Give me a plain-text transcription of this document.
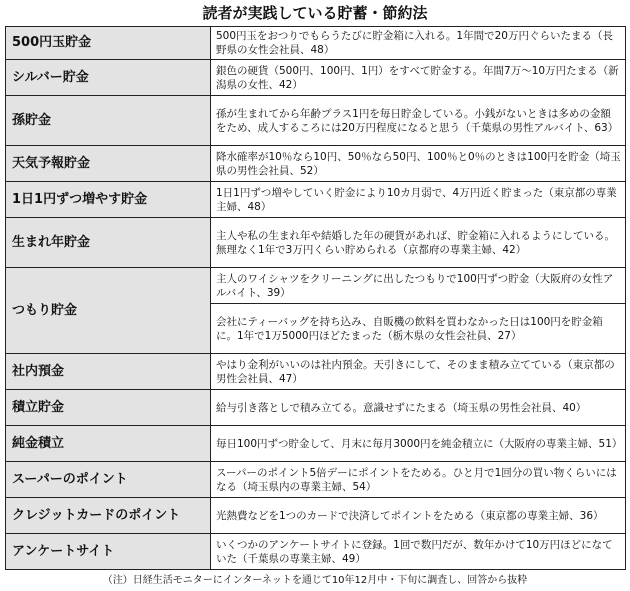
読者が実践している貯蓄・節約法
500円玉貯金	500円玉をおつりでもらうたびに貯金箱に入れる。1年間で20万円ぐらいたまる（長野県の女性会社員、48）
シルバー貯金	銀色の硬貨（500円、100円、1円）をすべて貯金する。年間7万～10万円たまる（新潟県の女性、42）
孫貯金	孫が生まれてから年齢プラス1円を毎日貯金している。小銭がないときは多めの金額をため、成人するころには20万円程度になると思う（千葉県の男性アルバイト、63）
天気予報貯金	降水確率が10％なら10円、50％なら50円、100％と0％のときは100円を貯金（埼玉県の男性会社員、52）
1日1円ずつ増やす貯金	1日1円ずつ増やしていく貯金により10カ月弱で、4万円近く貯まった（東京都の専業主婦、48）
生まれ年貯金	主人や私の生まれ年や結婚した年の硬貨があれば、貯金箱に入れるようにしている。無理なく1年で3万円くらい貯められる（京都府の専業主婦、42）
つもり貯金	主人のワイシャツをクリーニングに出したつもりで100円ずつ貯金（大阪府の女性アルバイト、39）
	会社にティーバッグを持ち込み、自販機の飲料を買わなかった日は100円を貯金箱に。1年で1万5000円ほどたまった（栃木県の女性会社員、27）
社内預金	やはり金利がいいのは社内預金。天引きにして、そのまま積み立てている（東京都の男性会社員、47）
積立貯金	給与引き落としで積み立てる。意識せずにたまる（埼玉県の男性会社員、40）
純金積立	毎日100円ずつ貯金して、月末に毎月3000円を純金積立に（大阪府の専業主婦、51）
スーパーのポイント	スーパーのポイント5倍デーにポイントをためる。ひと月で1回分の買い物くらいにはなる（埼玉県内の専業主婦、54）
クレジットカードのポイント	光熱費などを1つのカードで決済してポイントをためる（東京都の専業主婦、36）
アンケートサイト	いくつかのアンケートサイトに登録。1回で数円だが、数年かけて10万円ほどになていた（千葉県の専業主婦、49）
（注）日経生活モニターにインターネットを通じて10年12月中・下旬に調査し、回答から抜粋
